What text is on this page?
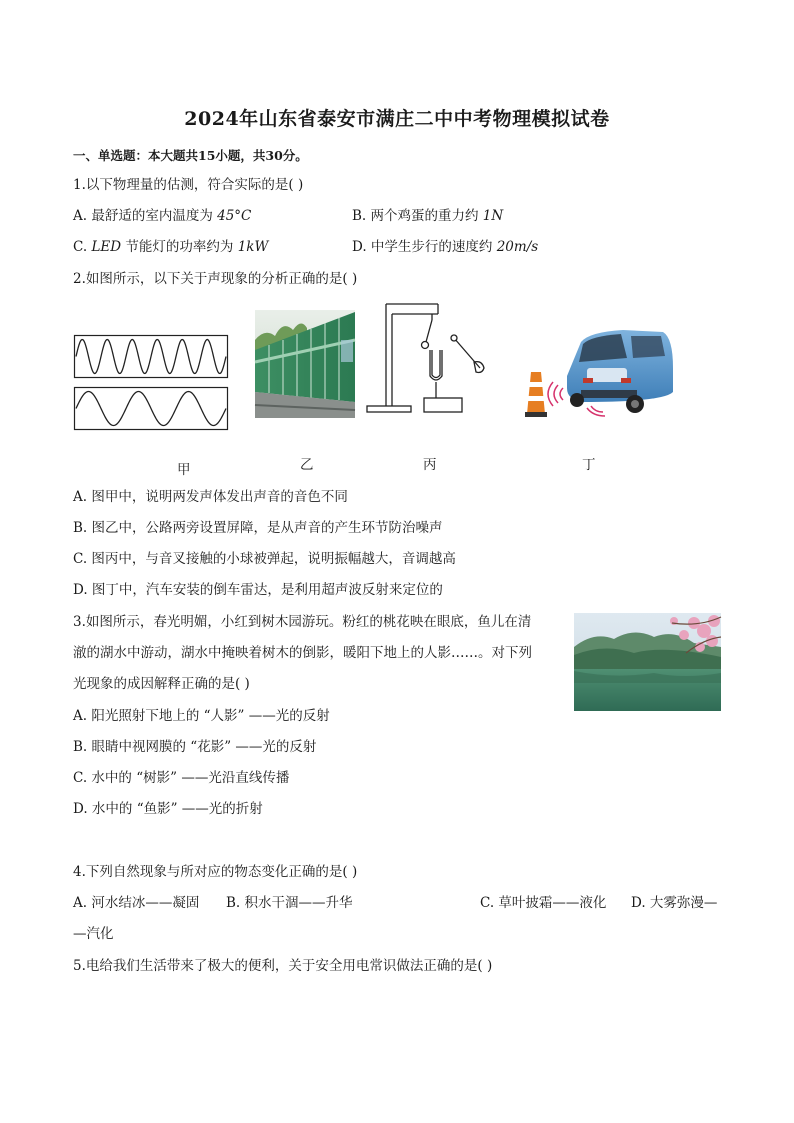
2024年山东省泰安市满庄二中中考物理模拟试卷
一、单选题：本大题共15小题，共30分。
1.以下物理量的估测，符合实际的是( )
A. 最舒适的室内温度为 45°C	B. 两个鸡蛋的重力约 1N
C. LED 节能灯的功率约为 1kW	D. 中学生步行的速度约 20m/s
2.如图所示，以下关于声现象的分析正确的是( )
甲	乙	丙	丁
A. 图甲中，说明两发声体发出声音的音色不同
B. 图乙中，公路两旁设置屏障，是从声音的产生环节防治噪声
C. 图丙中，与音叉接触的小球被弹起，说明振幅越大，音调越高
D. 图丁中，汽车安装的倒车雷达，是利用超声波反射来定位的
3.如图所示，春光明媚，小红到树木园游玩。粉红的桃花映在眼底，鱼儿在清
澈的湖水中游动，湖水中掩映着树木的倒影，暖阳下地上的人影……。对下列
光现象的成因解释正确的是( )
A. 阳光照射下地上的 “人影” ——光的反射
B. 眼睛中视网膜的 “花影” ——光的反射
C. 水中的 “树影” ——光沿直线传播
D. 水中的 “鱼影” ——光的折射
4.下列自然现象与所对应的物态变化正确的是( )
A. 河水结冰——凝固 B. 积水干涸——升华	C. 草叶披霜——液化 D. 大雾弥漫—
—汽化
5.电给我们生活带来了极大的便利，关于安全用电常识做法正确的是( )
